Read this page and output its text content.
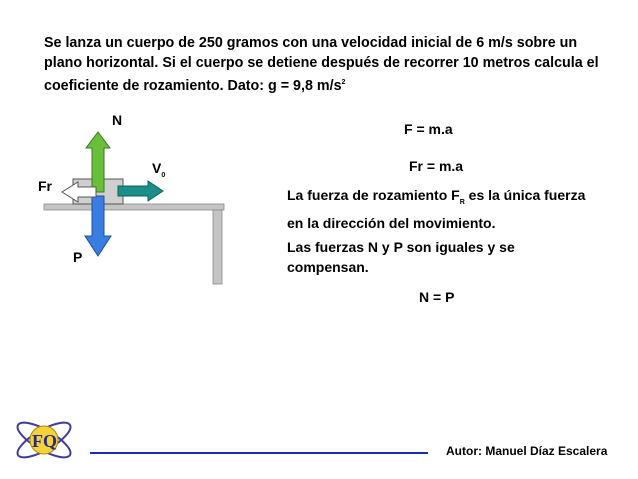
Se lanza un cuerpo de 250 gramos con una velocidad inicial de 6 m/s sobre un plano horizontal. Si el cuerpo se detiene después de recorrer 10 metros calcula el coeficiente de rozamiento. Dato: g = 9,8 $m/s^2$
N
$V_0$
Fr
P
F = m.a
Fr = m.a
La fuerza de rozamiento $F_R$ es la única fuerza en la dirección del movimiento.
Las fuerzas N y P son iguales y se compensan.
N = P
FQ	Autor: Manuel Díaz Escalera
